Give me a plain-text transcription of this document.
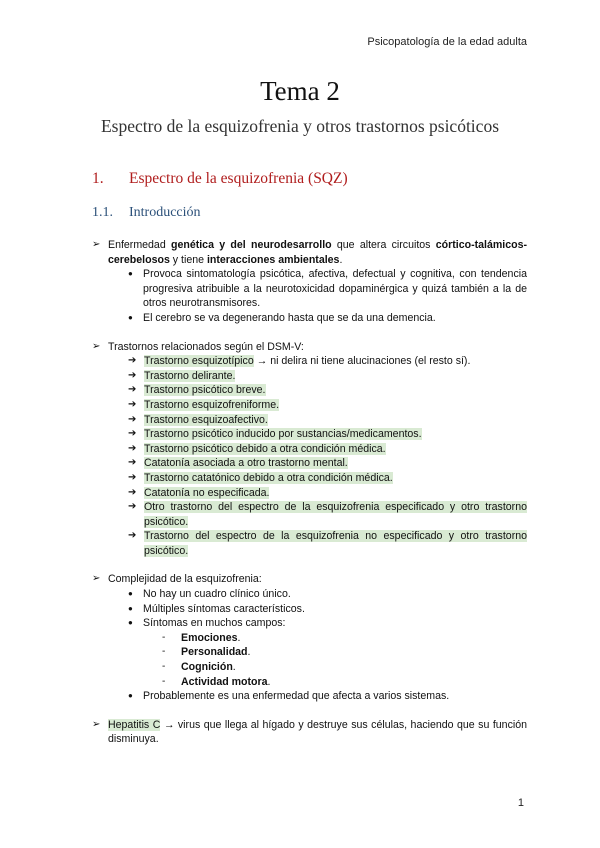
Psicopatología de la edad adulta
Tema 2
Espectro de la esquizofrenia y otros trastornos psicóticos
1. Espectro de la esquizofrenia (SQZ)
1.1. Introducción
➢ Enfermedad genética y del neurodesarrollo que altera circuitos córtico-talámicos-cerebelosos y tiene interacciones ambientales.
● Provoca sintomatología psicótica, afectiva, defectual y cognitiva, con tendencia progresiva atribuible a la neurotoxicidad dopaminérgica y quizá también a la de otros neurotransmisores.
● El cerebro se va degenerando hasta que se da una demencia.
➢ Trastornos relacionados según el DSM-V:
➔ Trastorno esquizotípico → ni delira ni tiene alucinaciones (el resto sí).
➔ Trastorno delirante.
➔ Trastorno psicótico breve.
➔ Trastorno esquizofreniforme.
➔ Trastorno esquizoafectivo.
➔ Trastorno psicótico inducido por sustancias/medicamentos.
➔ Trastorno psicótico debido a otra condición médica.
➔ Catatonía asociada a otro trastorno mental.
➔ Trastorno catatónico debido a otra condición médica.
➔ Catatonía no especificada.
➔ Otro trastorno del espectro de la esquizofrenia especificado y otro trastorno psicótico.
➔ Trastorno del espectro de la esquizofrenia no especificado y otro trastorno psicótico.
➢ Complejidad de la esquizofrenia:
● No hay un cuadro clínico único.
● Múltiples síntomas característicos.
● Síntomas en muchos campos:
-	Emociones.
-	Personalidad.
-	Cognición.
-	Actividad motora.
● Probablemente es una enfermedad que afecta a varios sistemas.
➢ Hepatitis C → virus que llega al hígado y destruye sus células, haciendo que su función disminuya.
1
